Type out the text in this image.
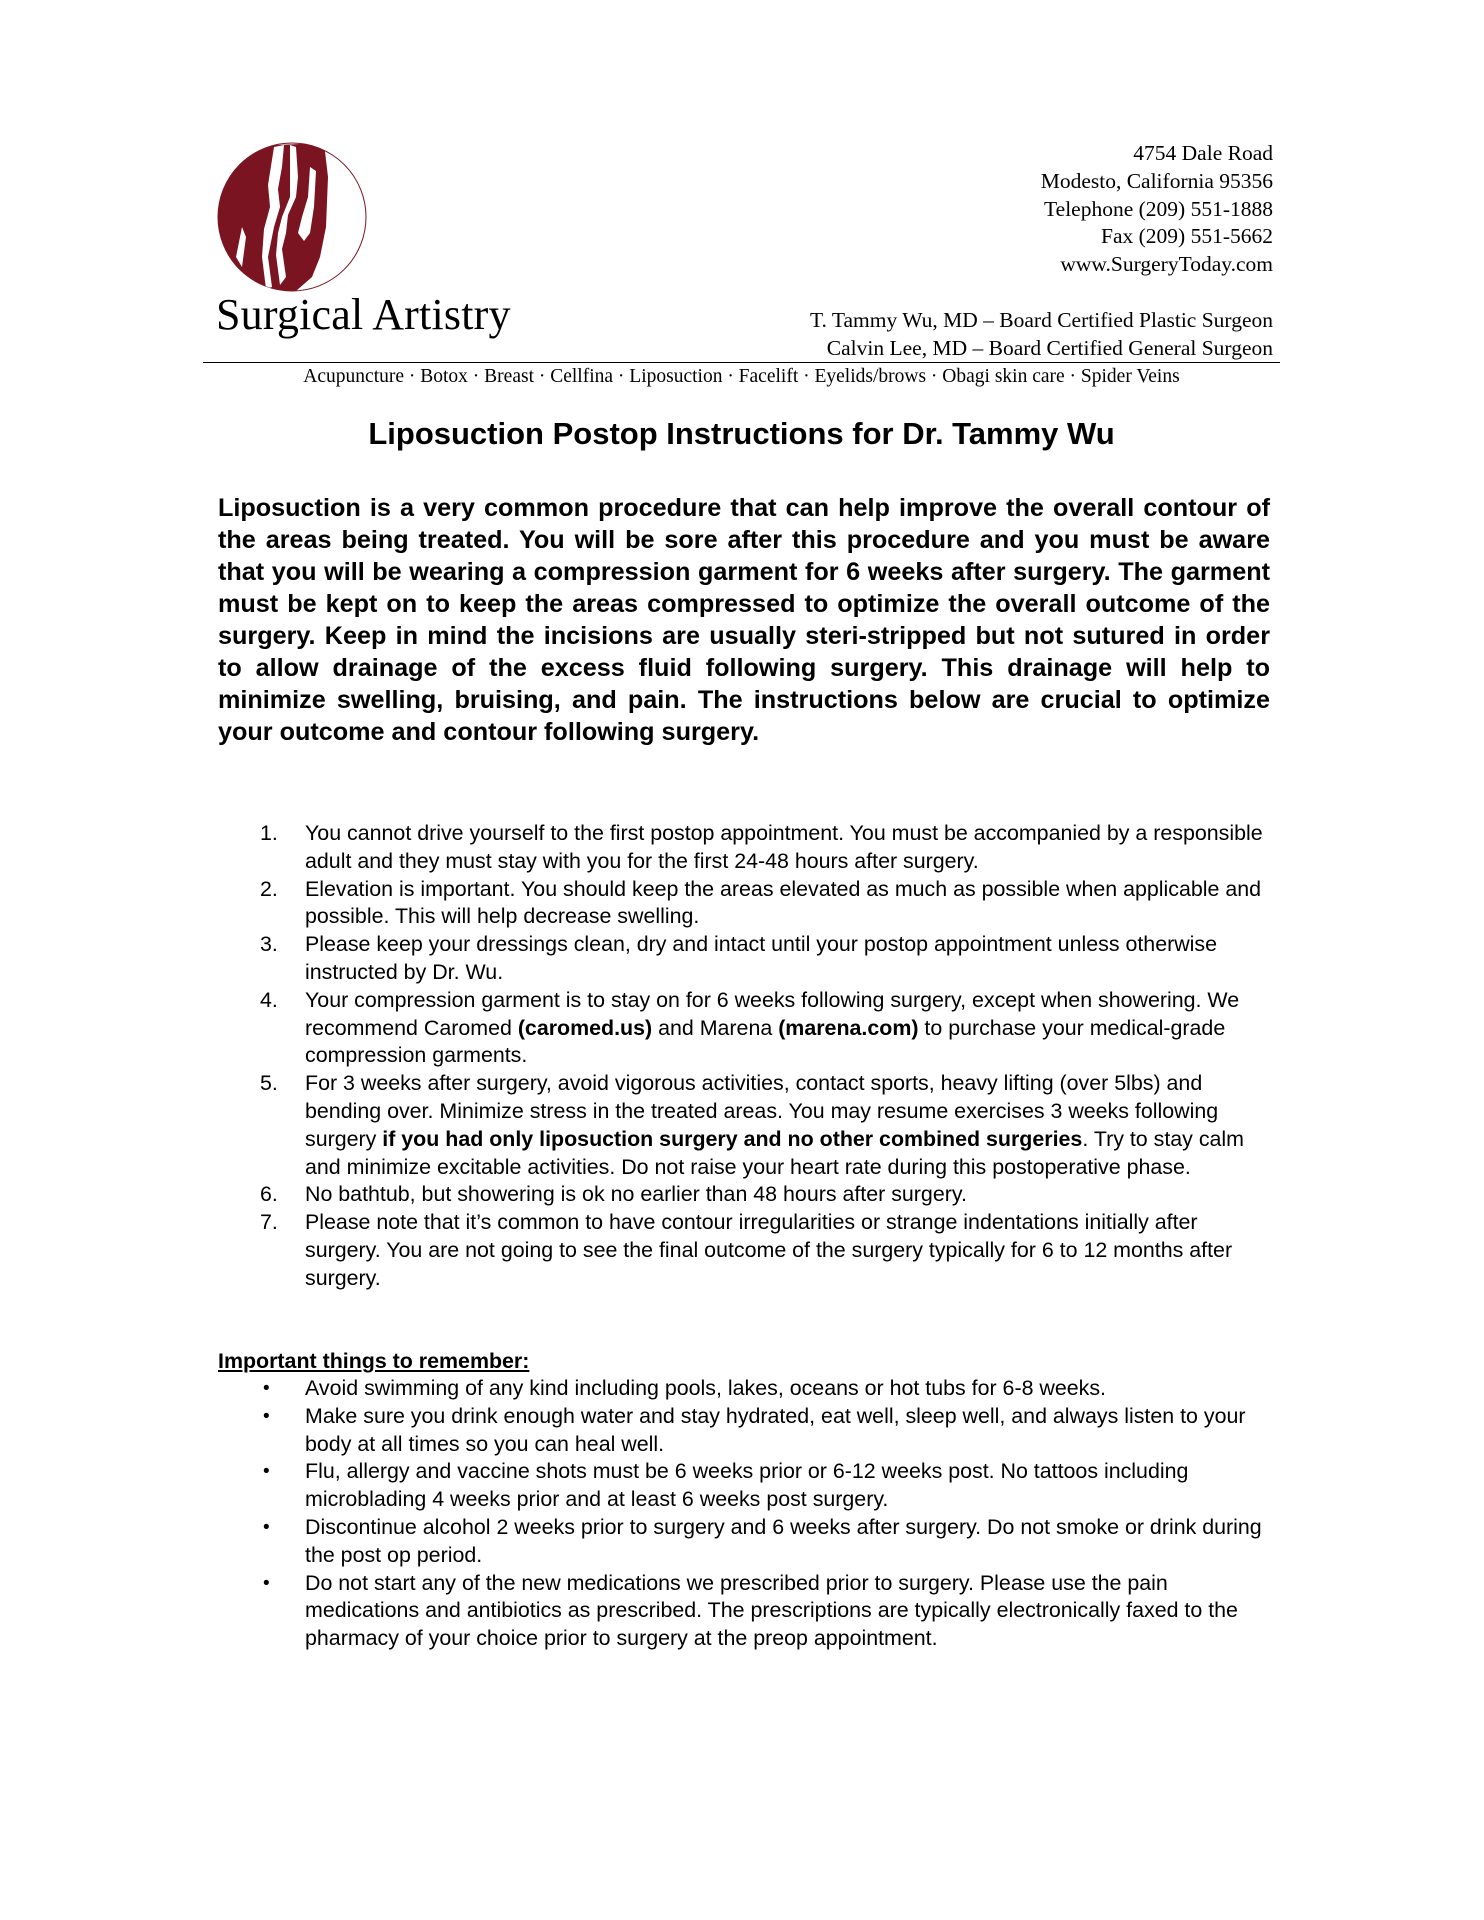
Surgical Artistry
4754 Dale Road
Modesto, California 95356
Telephone (209) 551-1888
Fax (209) 551-5662
www.SurgeryToday.com
T. Tammy Wu, MD – Board Certified Plastic Surgeon
Calvin Lee, MD – Board Certified General Surgeon
Acupuncture · Botox · Breast · Cellfina · Liposuction · Facelift · Eyelids/brows · Obagi skin care · Spider Veins
Liposuction Postop Instructions for Dr. Tammy Wu
Liposuction is a very common procedure that can help improve the overall contour of the areas being treated. You will be sore after this procedure and you must be aware that you will be wearing a compression garment for 6 weeks after surgery. The garment must be kept on to keep the areas compressed to optimize the overall outcome of the surgery. Keep in mind the incisions are usually steri-stripped but not sutured in order to allow drainage of the excess fluid following surgery. This drainage will help to minimize swelling, bruising, and pain. The instructions below are crucial to optimize your outcome and contour following surgery.
1. You cannot drive yourself to the first postop appointment. You must be accompanied by a responsible adult and they must stay with you for the first 24-48 hours after surgery.
2. Elevation is important. You should keep the areas elevated as much as possible when applicable and possible. This will help decrease swelling.
3. Please keep your dressings clean, dry and intact until your postop appointment unless otherwise instructed by Dr. Wu.
4. Your compression garment is to stay on for 6 weeks following surgery, except when showering. We recommend Caromed (caromed.us) and Marena (marena.com) to purchase your medical-grade compression garments.
5. For 3 weeks after surgery, avoid vigorous activities, contact sports, heavy lifting (over 5lbs) and bending over. Minimize stress in the treated areas. You may resume exercises 3 weeks following surgery if you had only liposuction surgery and no other combined surgeries. Try to stay calm and minimize excitable activities. Do not raise your heart rate during this postoperative phase.
6. No bathtub, but showering is ok no earlier than 48 hours after surgery.
7. Please note that it’s common to have contour irregularities or strange indentations initially after surgery. You are not going to see the final outcome of the surgery typically for 6 to 12 months after surgery.
Important things to remember:
• Avoid swimming of any kind including pools, lakes, oceans or hot tubs for 6-8 weeks.
• Make sure you drink enough water and stay hydrated, eat well, sleep well, and always listen to your body at all times so you can heal well.
• Flu, allergy and vaccine shots must be 6 weeks prior or 6-12 weeks post. No tattoos including microblading 4 weeks prior and at least 6 weeks post surgery.
• Discontinue alcohol 2 weeks prior to surgery and 6 weeks after surgery. Do not smoke or drink during the post op period.
• Do not start any of the new medications we prescribed prior to surgery. Please use the pain medications and antibiotics as prescribed. The prescriptions are typically electronically faxed to the pharmacy of your choice prior to surgery at the preop appointment.
